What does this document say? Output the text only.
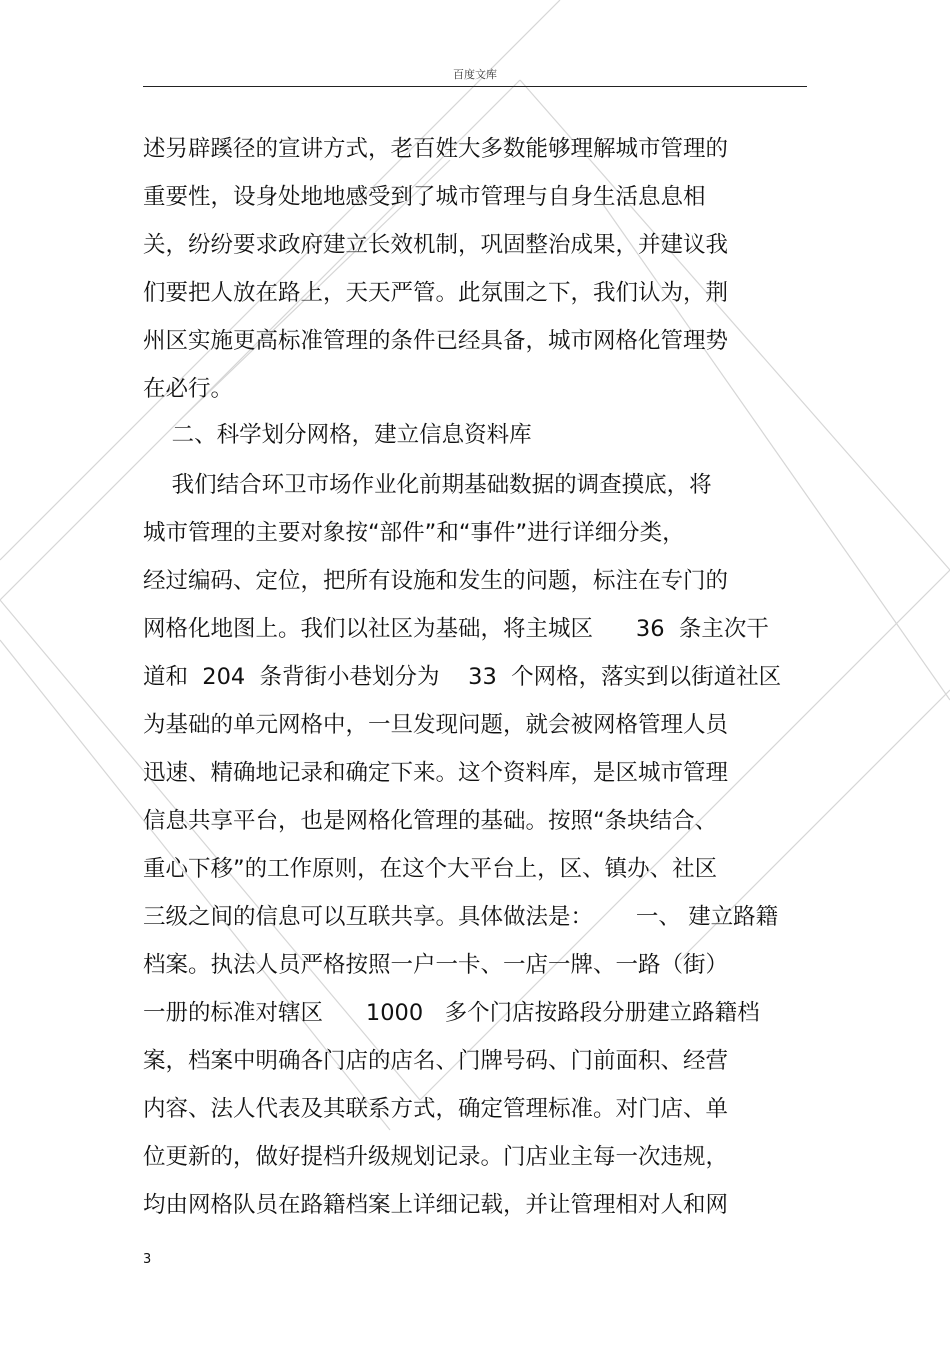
百度文库
述另辟蹊径的宣讲方式，老百姓大多数能够理解城市管理的
重要性，设身处地地感受到了城市管理与自身生活息息相
关，纷纷要求政府建立长效机制，巩固整治成果，并建议我
们要把人放在路上，天天严管。此氛围之下，我们认为，荆
州区实施更高标准管理的条件已经具备，城市网格化管理势
在必行。
二、科学划分网格，建立信息资料库
我们结合环卫市场作业化前期基础数据的调查摸底，将
城市管理的主要对象按“部件”和“事件”进行详细分类，
经过编码、定位，把所有设施和发生的问题，标注在专门的
网格化地图上。我们以社区为基础，将主城区      36  条主次干
道和  204  条背街小巷划分为    33  个网格，落实到以街道社区
为基础的单元网格中，一旦发现问题，就会被网格管理人员
迅速、精确地记录和确定下来。这个资料库，是区城市管理
信息共享平台，也是网格化管理的基础。按照“条块结合、
重心下移”的工作原则，在这个大平台上，区、镇办、社区
三级之间的信息可以互联共享。具体做法是：      一、 建立路籍
档案。执法人员严格按照一户一卡、一店一牌、一路（街）
一册的标准对辖区      1000   多个门店按路段分册建立路籍档
案，档案中明确各门店的店名、门牌号码、门前面积、经营
内容、法人代表及其联系方式，确定管理标准。对门店、单
位更新的，做好提档升级规划记录。门店业主每一次违规，
均由网格队员在路籍档案上详细记载，并让管理相对人和网
3
